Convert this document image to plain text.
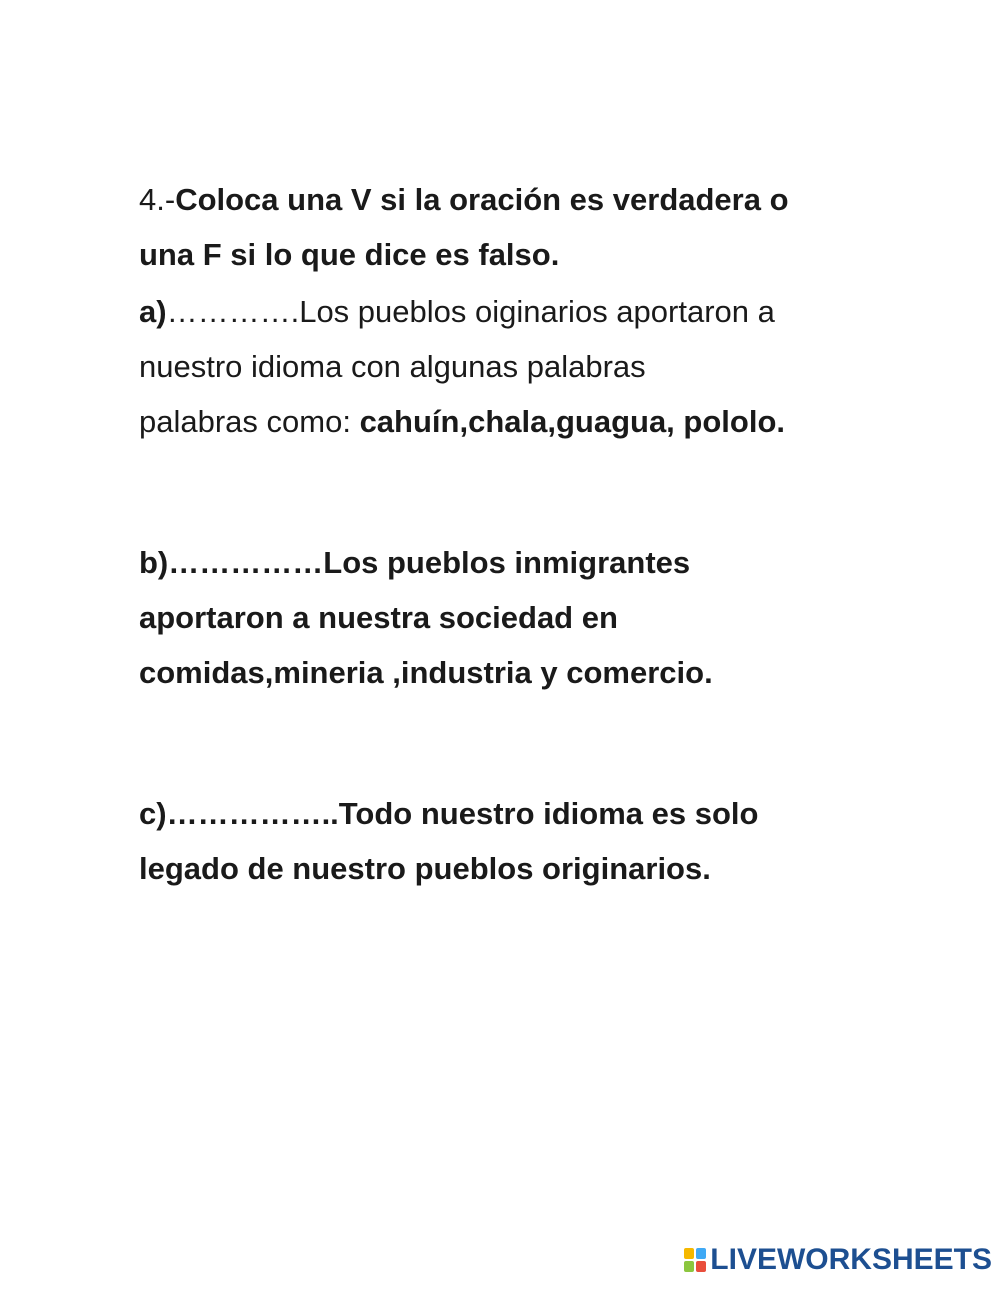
4.-Coloca una V si la oración es verdadera o
una F si lo que dice es falso.

a)………….Los pueblos oiginarios aportaron a
nuestro idioma con algunas palabras
palabras como: cahuín,chala,guagua, pololo.

b)……………Los pueblos inmigrantes
aportaron a nuestra sociedad en
comidas,mineria ,industria y comercio.

c)……………..Todo nuestro idioma es solo
legado de nuestro pueblos originarios.

LIVEWORKSHEETS
